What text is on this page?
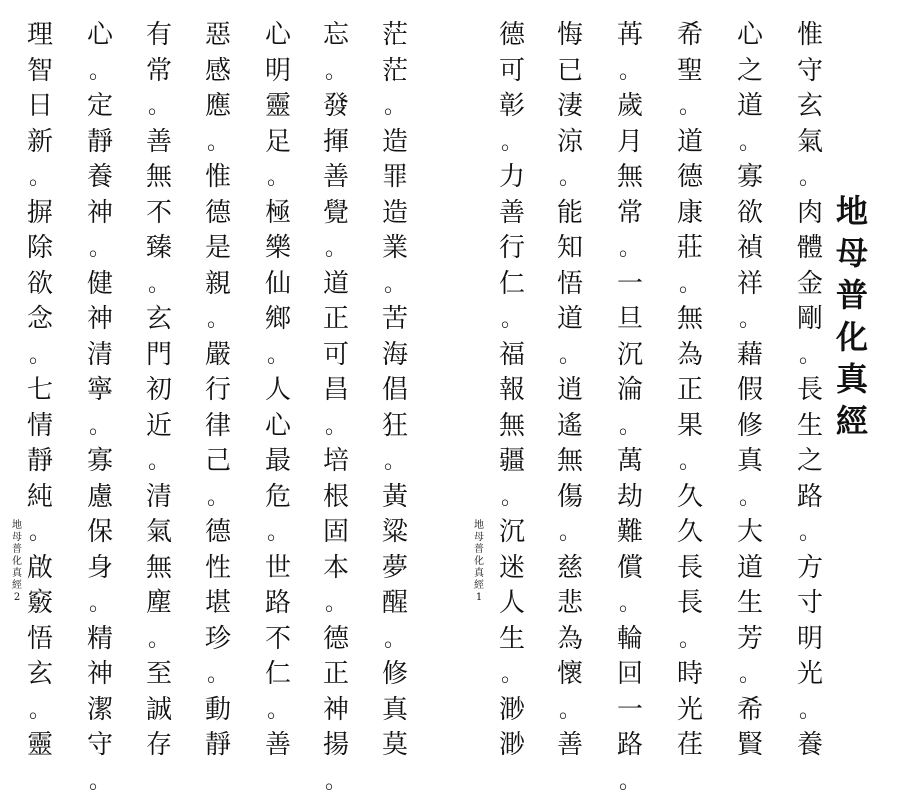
茫
茫
。
造
罪
造
業
。
苦
海
倡
狂
。
黃
粱
夢
醒
。
修
真
莫
忘
。
發
揮
善
覺
。
道
正
可
昌
。
培
根
固
本
。
德
正
神
揚
。
心
明
靈
足
。
極
樂
仙
鄉
。
人
心
最
危
。
世
路
不
仁
。
善
惡
感
應
。
惟
德
是
親
。
嚴
行
律
己
。
德
性
堪
珍
。
動
靜
有
常
。
善
無
不
臻
。
玄
門
初
近
。
清
氣
無
塵
。
至
誠
存
心
。
定
靜
養
神
。
健
神
清
寧
。
寡
慮
保
身
。
精
神
潔
守
。
理
智
日
新
。
摒
除
欲
念
。
七
情
靜
純
。
啟
竅
悟
玄
。
靈
地
母
普
化
真
經
2
惟
守
玄
氣
。
肉
體
金
剛
。
長
生
之
路
。
方
寸
明
光
。
養
心
之
道
。
寡
欲
禎
祥
。
藉
假
修
真
。
大
道
生
芳
。
希
賢
希
聖
。
道
德
康
莊
。
無
為
正
果
。
久
久
長
長
。
時
光
荏
苒
。
歲
月
無
常
。
一
旦
沉
淪
。
萬
劫
難
償
。
輪
回
一
路
。
悔
已
淒
涼
。
能
知
悟
道
。
逍
遙
無
傷
。
慈
悲
為
懷
。
善
德
可
彰
。
力
善
行
仁
。
福
報
無
疆
。
沉
迷
人
生
。
渺
渺
地
母
普
化
真
經
1
地
母
普
化
真
經
